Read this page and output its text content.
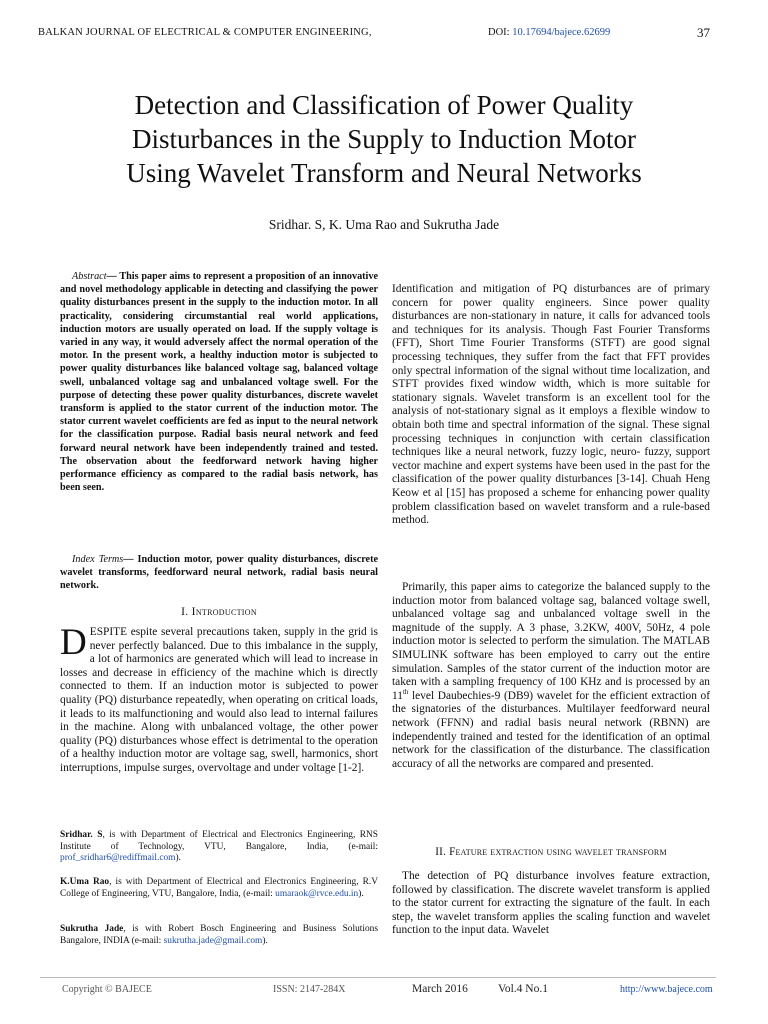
BALKAN JOURNAL OF ELECTRICAL & COMPUTER ENGINEERING,	DOI: 10.17694/bajece.62699	37
Detection and Classification of Power Quality
Disturbances in the Supply to Induction Motor
Using Wavelet Transform and Neural Networks
Sridhar. S, K. Uma Rao and Sukrutha Jade
Abstract— This paper aims to represent a proposition of an innovative and novel methodology applicable in detecting and classifying the power quality disturbances present in the supply to the induction motor. In all practicality, considering circumstantial real world applications, induction motors are usually operated on load. If the supply voltage is varied in any way, it would adversely affect the normal operation of the motor. In the present work, a healthy induction motor is subjected to power quality disturbances like balanced voltage sag, balanced voltage swell, unbalanced voltage sag and unbalanced voltage swell. For the purpose of detecting these power quality disturbances, discrete wavelet transform is applied to the stator current of the induction motor. The stator current wavelet coefficients are fed as input to the neural network for the classification purpose. Radial basis neural network and feed forward neural network have been independently trained and tested. The observation about the feedforward network having higher performance efficiency as compared to the radial basis network, has been seen.
Index Terms— Induction motor, power quality disturbances, discrete wavelet transforms, feedforward neural network, radial basis neural network.
I. Introduction
DESPITE espite several precautions taken, supply in the grid is never perfectly balanced. Due to this imbalance in the supply, a lot of harmonics are generated which will lead to increase in losses and decrease in efficiency of the machine which is directly connected to them. If an induction motor is subjected to power quality (PQ) disturbance repeatedly, when operating on critical loads, it leads to its malfunctioning and would also lead to internal failures in the machine. Along with unbalanced voltage, the other power quality (PQ) disturbances whose effect is detrimental to the operation of a healthy induction motor are voltage sag, swell, harmonics, short interruptions, impulse surges, overvoltage and under voltage [1-2].
Sridhar. S, is with Department of Electrical and Electronics Engineering, RNS Institute of Technology, VTU, Bangalore, India, (e-mail: prof_sridhar6@rediffmail.com).
K.Uma Rao, is with Department of Electrical and Electronics Engineering, R.V College of Engineering, VTU, Bangalore, India, (e-mail: umaraok@rvce.edu.in).
Sukrutha Jade, is with Robert Bosch Engineering and Business Solutions Bangalore, INDIA (e-mail: sukrutha.jade@gmail.com).
Identification and mitigation of PQ disturbances are of primary concern for power quality engineers. Since power quality disturbances are non-stationary in nature, it calls for advanced tools and techniques for its analysis. Though Fast Fourier Transforms (FFT), Short Time Fourier Transforms (STFT) are good signal processing techniques, they suffer from the fact that FFT provides only spectral information of the signal without time localization, and STFT provides fixed window width, which is more suitable for stationary signals. Wavelet transform is an excellent tool for the analysis of not-stationary signal as it employs a flexible window to obtain both time and spectral information of the signal. These signal processing techniques in conjunction with certain classification techniques like a neural network, fuzzy logic, neuro- fuzzy, support vector machine and expert systems have been used in the past for the classification of the power quality disturbances [3-14]. Chuah Heng Keow et al [15] has proposed a scheme for enhancing power quality problem classification based on wavelet transform and a rule-based method.
Primarily, this paper aims to categorize the balanced supply to the induction motor from balanced voltage sag, balanced voltage swell, unbalanced voltage sag and unbalanced voltage swell in the magnitude of the supply. A 3 phase, 3.2KW, 400V, 50Hz, 4 pole induction motor is selected to perform the simulation. The MATLAB SIMULINK software has been employed to carry out the entire simulation. Samples of the stator current of the induction motor are taken with a sampling frequency of 100 KHz and is processed by an 11th level Daubechies-9 (DB9) wavelet for the efficient extraction of the signatories of the disturbances. Multilayer feedforward neural network (FFNN) and radial basis neural network (RBNN) are independently trained and tested for the identification of an optimal network for the classification of the disturbance. The classification accuracy of all the networks are compared and presented.
II. Feature extraction using wavelet transform
The detection of PQ disturbance involves feature extraction, followed by classification. The discrete wavelet transform is applied to the stator current for extracting the signature of the fault. In each step, the wavelet transform applies the scaling function and wavelet function to the input data. Wavelet
Copyright © BAJECE	ISSN: 2147-284X	March 2016	Vol.4 No.1	http://www.bajece.com
